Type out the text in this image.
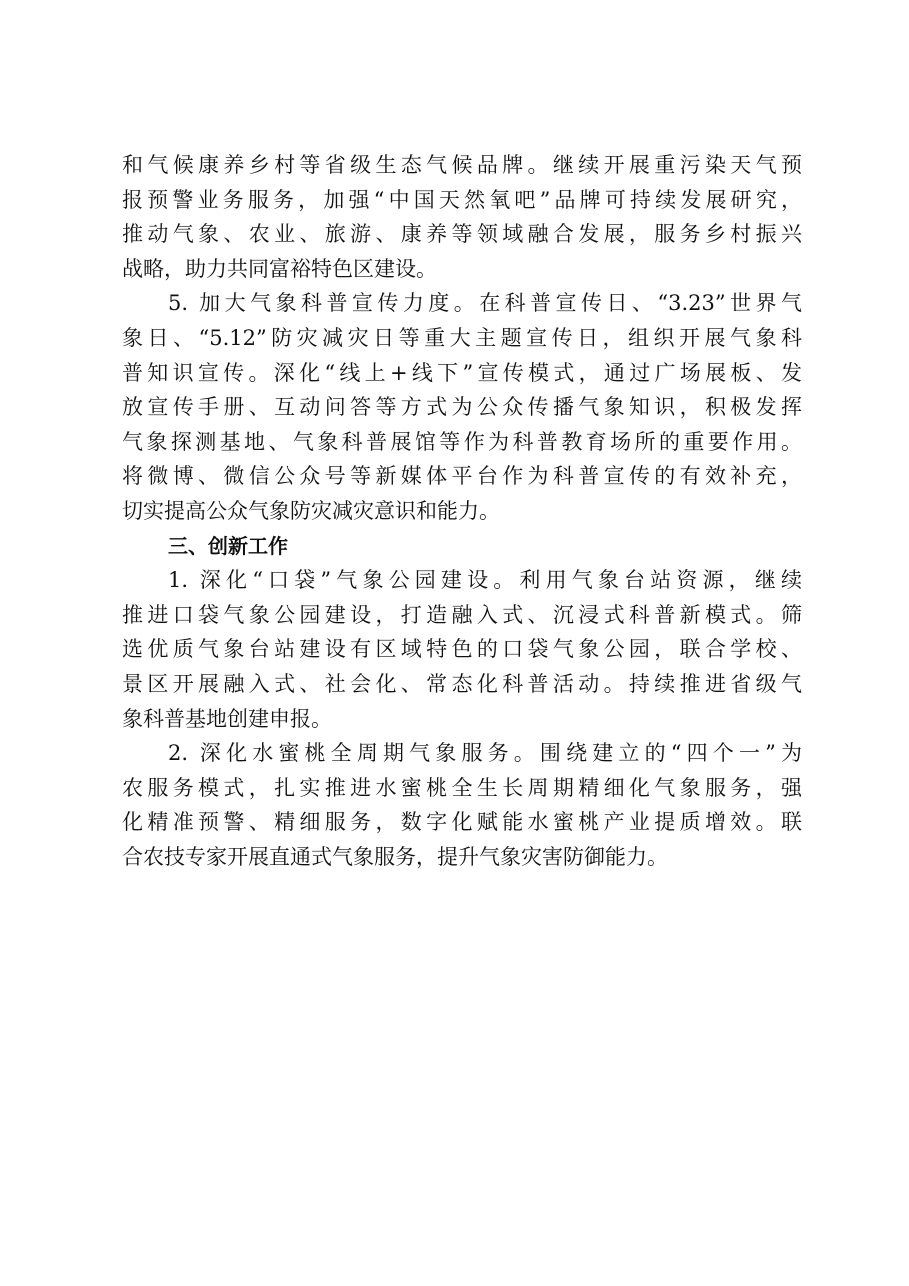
和气候康养乡村等省级生态气候品牌。继续开展重污染天气预
报预警业务服务，加强“中国天然氧吧”品牌可持续发展研究，
推动气象、农业、旅游、康养等领域融合发展，服务乡村振兴
战略，助力共同富裕特色区建设。
5. 加大气象科普宣传力度。在科普宣传日、“3.23”世界气
象日、“5.12”防灾减灾日等重大主题宣传日，组织开展气象科
普知识宣传。深化“线上+线下”宣传模式，通过广场展板、发
放宣传手册、互动问答等方式为公众传播气象知识，积极发挥
气象探测基地、气象科普展馆等作为科普教育场所的重要作用。
将微博、微信公众号等新媒体平台作为科普宣传的有效补充，
切实提高公众气象防灾减灾意识和能力。
三、创新工作
1. 深化“口袋”气象公园建设。利用气象台站资源，继续
推进口袋气象公园建设，打造融入式、沉浸式科普新模式。筛
选优质气象台站建设有区域特色的口袋气象公园，联合学校、
景区开展融入式、社会化、常态化科普活动。持续推进省级气
象科普基地创建申报。
2. 深化水蜜桃全周期气象服务。围绕建立的“四个一”为
农服务模式，扎实推进水蜜桃全生长周期精细化气象服务，强
化精准预警、精细服务，数字化赋能水蜜桃产业提质增效。联
合农技专家开展直通式气象服务，提升气象灾害防御能力。
